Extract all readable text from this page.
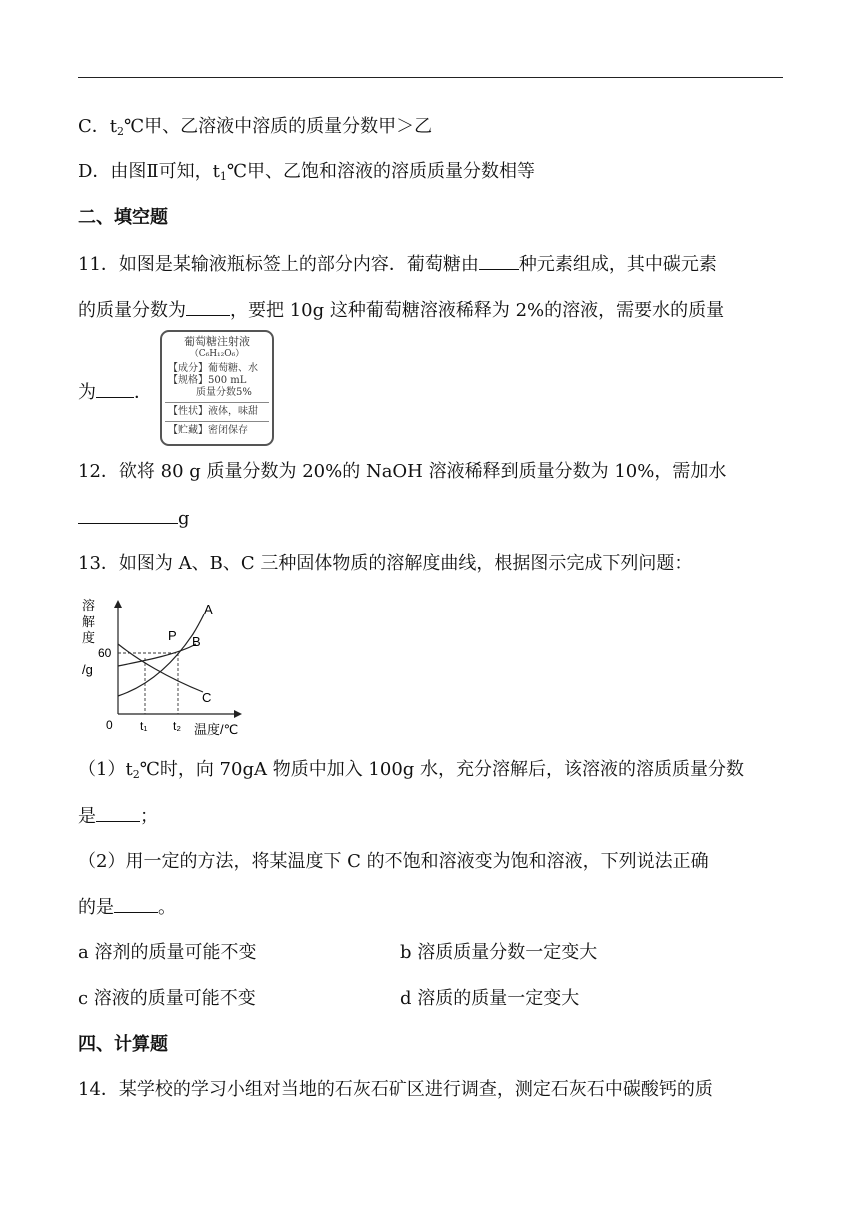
C．$t_2℃$甲、乙溶液中溶质的质量分数甲＞乙
D．由图Ⅱ可知，$t_1℃$甲、乙饱和溶液的溶质质量分数相等
二、填空题
11．如图是某输液瓶标签上的部分内容．葡萄糖由 种元素组成，其中碳元素
的质量分数为 ，要把 10g 这种葡萄糖溶液稀释为 2%的溶液，需要水的质量
为 ．
葡萄糖注射液
（C₆H₁₂O₆）
【成分】葡萄糖、水
【规格】500 mL
质量分数5%
【性状】液体，味甜
【贮藏】密闭保存
12．欲将 80 g 质量分数为 20%的 NaOH 溶液稀释到质量分数为 10%，需加水
g
13．如图为 A、B、C 三种固体物质的溶解度曲线，根据图示完成下列问题：
溶
解
度
/g
60
A
B
C
P
0 t₁ t₂ 温度/℃
$(1)t_2℃$时，向 70gA 物质中加入 100g 水，充分溶解后，该溶液的溶质质量分数
是 ；
（2）用一定的方法，将某温度下 C 的不饱和溶液变为饱和溶液，下列说法正确
的是 。
a 溶剂的质量可能不变	b 溶质质量分数一定变大
c 溶液的质量可能不变	d 溶质的质量一定变大
四、计算题
14．某学校的学习小组对当地的石灰石矿区进行调查，测定石灰石中碳酸钙的质
